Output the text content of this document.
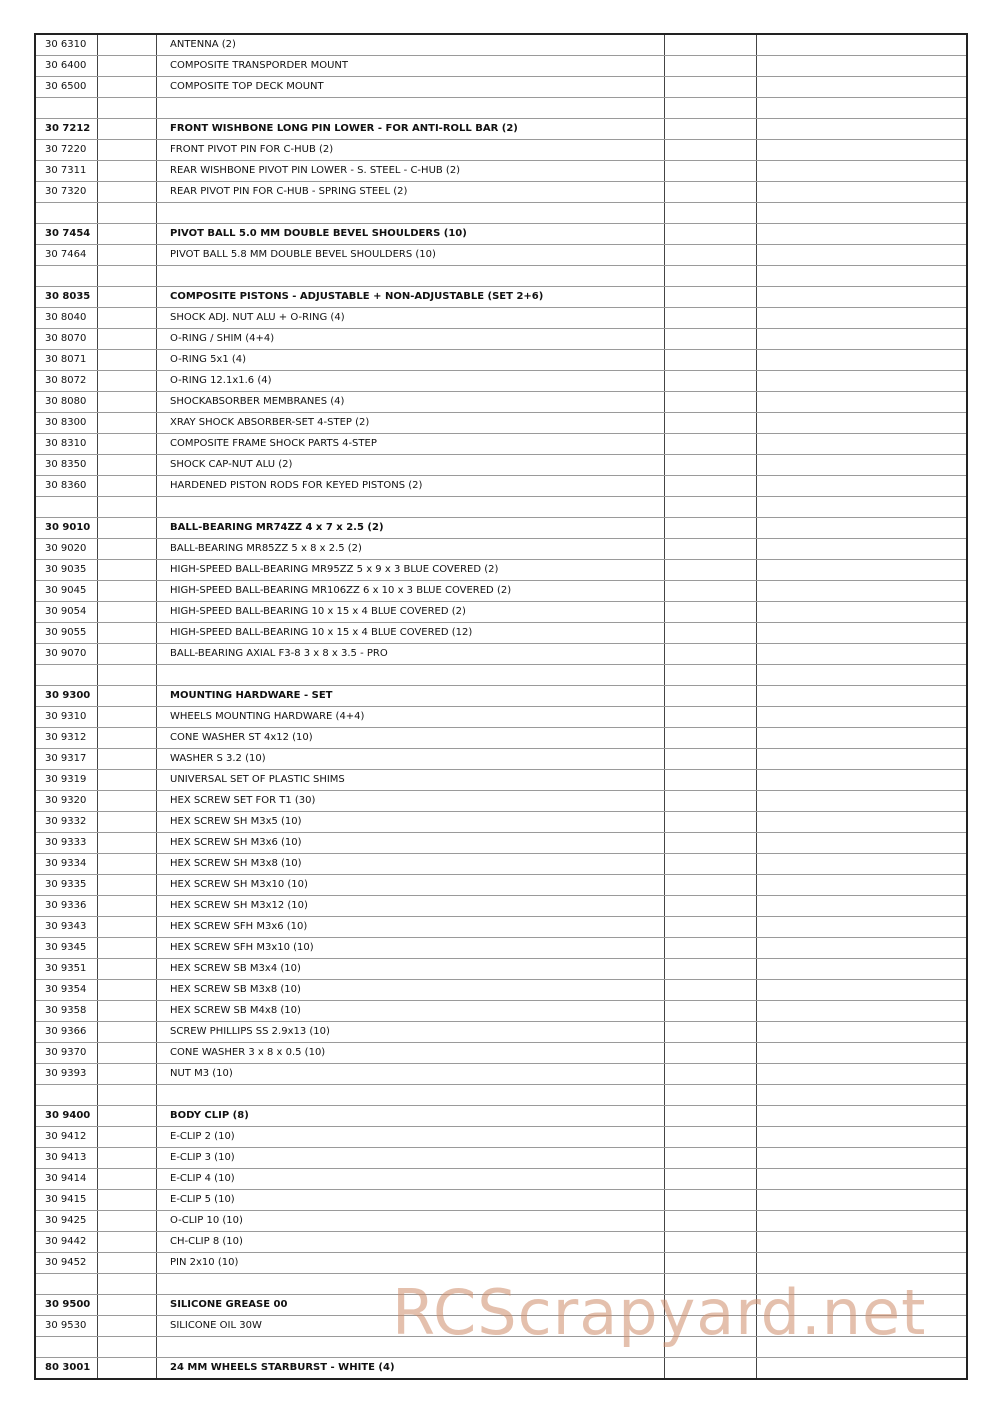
30 6310		ANTENNA (2)		
30 6400		COMPOSITE TRANSPORDER MOUNT		
30 6500		COMPOSITE TOP DECK MOUNT		

30 7212		FRONT WISHBONE LONG PIN LOWER - FOR ANTI-ROLL BAR (2)		
30 7220		FRONT PIVOT PIN FOR C-HUB (2)		
30 7311		REAR WISHBONE PIVOT PIN LOWER - S. STEEL - C-HUB (2)		
30 7320		REAR PIVOT PIN FOR C-HUB - SPRING STEEL (2)		

30 7454		PIVOT BALL 5.0 MM DOUBLE BEVEL SHOULDERS (10)		
30 7464		PIVOT BALL 5.8 MM DOUBLE BEVEL SHOULDERS (10)		

30 8035		COMPOSITE PISTONS - ADJUSTABLE + NON-ADJUSTABLE (SET 2+6)		
30 8040		SHOCK ADJ. NUT ALU + O-RING (4)		
30 8070		O-RING / SHIM (4+4)		
30 8071		O-RING 5x1 (4)		
30 8072		O-RING 12.1x1.6 (4)		
30 8080		SHOCKABSORBER MEMBRANES (4)		
30 8300		XRAY SHOCK ABSORBER-SET 4-STEP (2)		
30 8310		COMPOSITE FRAME SHOCK PARTS 4-STEP		
30 8350		SHOCK CAP-NUT ALU (2)		
30 8360		HARDENED PISTON RODS FOR KEYED PISTONS (2)		

30 9010		BALL-BEARING MR74ZZ 4 x 7 x 2.5 (2)		
30 9020		BALL-BEARING MR85ZZ 5 x 8 x 2.5 (2)		
30 9035		HIGH-SPEED BALL-BEARING MR95ZZ 5 x 9 x 3 BLUE COVERED (2)		
30 9045		HIGH-SPEED BALL-BEARING MR106ZZ 6 x 10 x 3 BLUE COVERED (2)		
30 9054		HIGH-SPEED BALL-BEARING 10 x 15 x 4 BLUE COVERED (2)		
30 9055		HIGH-SPEED BALL-BEARING 10 x 15 x 4 BLUE COVERED (12)		
30 9070		BALL-BEARING AXIAL F3-8 3 x 8 x 3.5 - PRO		

30 9300		MOUNTING HARDWARE - SET		
30 9310		WHEELS MOUNTING HARDWARE (4+4)		
30 9312		CONE WASHER ST 4x12 (10)		
30 9317		WASHER S 3.2 (10)		
30 9319		UNIVERSAL SET OF PLASTIC SHIMS		
30 9320		HEX SCREW SET FOR T1 (30)		
30 9332		HEX SCREW SH M3x5 (10)		
30 9333		HEX SCREW SH M3x6 (10)		
30 9334		HEX SCREW SH M3x8 (10)		
30 9335		HEX SCREW SH M3x10 (10)		
30 9336		HEX SCREW SH M3x12 (10)		
30 9343		HEX SCREW SFH M3x6 (10)		
30 9345		HEX SCREW SFH M3x10 (10)		
30 9351		HEX SCREW SB M3x4 (10)		
30 9354		HEX SCREW SB M3x8 (10)		
30 9358		HEX SCREW SB M4x8 (10)		
30 9366		SCREW PHILLIPS SS 2.9x13 (10)		
30 9370		CONE WASHER 3 x 8 x 0.5 (10)		
30 9393		NUT M3 (10)		

30 9400		BODY CLIP (8)		
30 9412		E-CLIP 2 (10)		
30 9413		E-CLIP 3 (10)		
30 9414		E-CLIP 4 (10)		
30 9415		E-CLIP 5 (10)		
30 9425		O-CLIP 10 (10)		
30 9442		CH-CLIP 8 (10)		
30 9452		PIN 2x10 (10)		

30 9500		SILICONE GREASE 00		
30 9530		SILICONE OIL 30W		

80 3001		24 MM WHEELS STARBURST - WHITE (4)		
RCScrapyard.net
